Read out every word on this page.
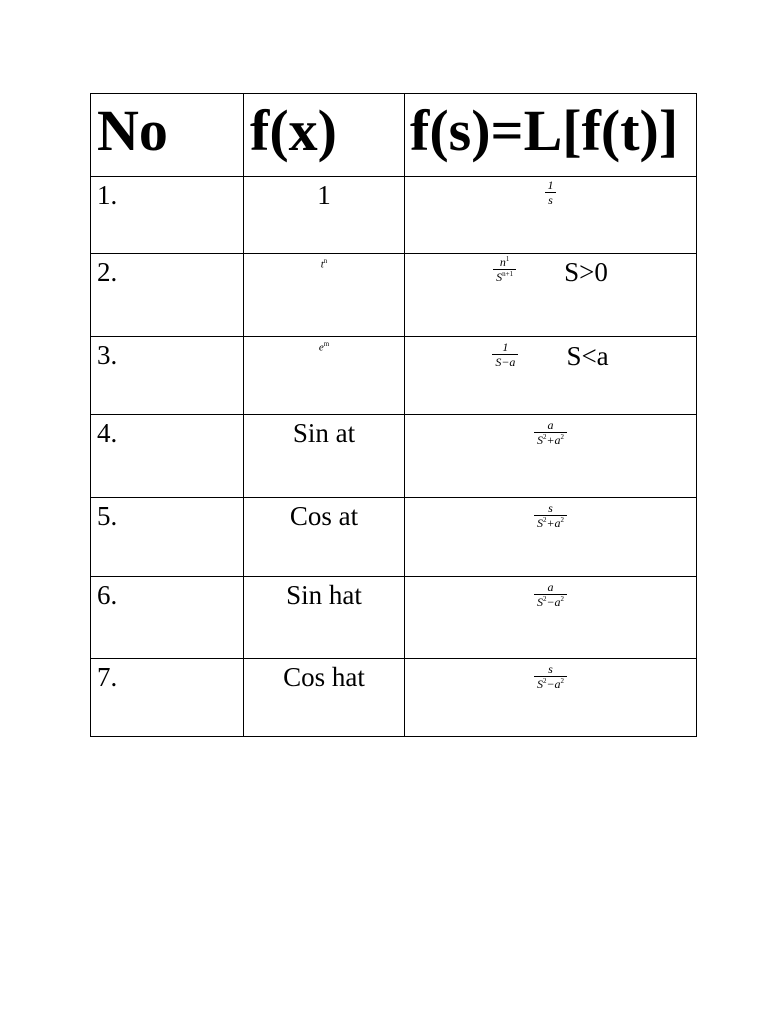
No	f(x)	f(s)=L[f(t)]

1.	1	$\frac{1}{s}$

2.	$t^n$	$\frac{n^1}{S^{n+1}} S>0$

3.	$e^m$	$\frac{1}{S-a} S<a$

4.	Sin at	$\frac{a}{S^2+a^2}$

5.	Cos at	$\frac{s}{S^2+a^2}$

6.	Sin hat	$\frac{a}{S^2-a^2}$

7.	Cos hat	$\frac{s}{S^2-a^2}$
